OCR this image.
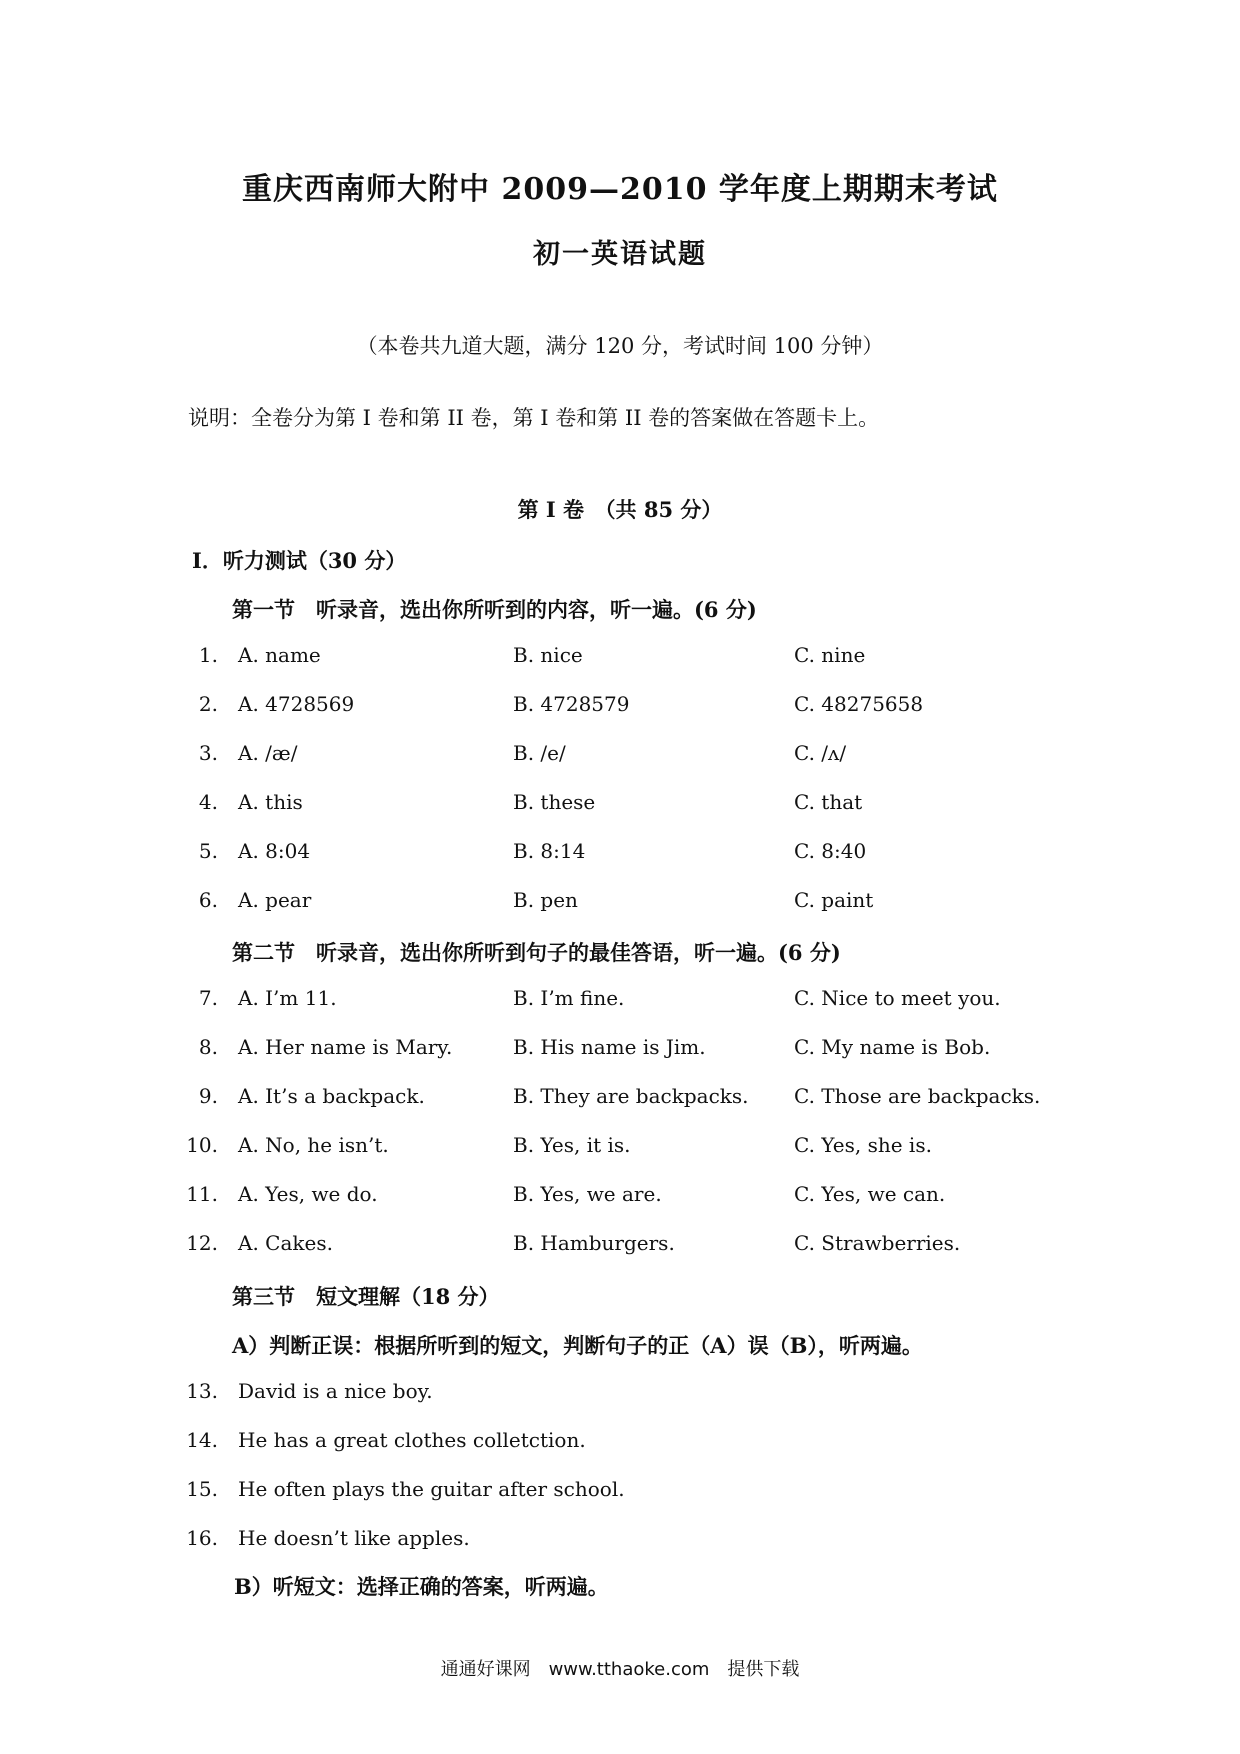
重庆西南师大附中 2009—2010 学年度上期期末考试
初一英语试题
（本卷共九道大题，满分 120 分，考试时间 100 分钟）
说明：全卷分为第 I 卷和第 II 卷，第 I 卷和第 II 卷的答案做在答题卡上。
第 I 卷　（共 85 分）
I．听力测试（30 分）
第一节　听录音，选出你所听到的内容，听一遍。(6 分)
1. A. name	B. nice	C. nine
2. A. 4728569	B. 4728579	C. 48275658
3. A. /æ/	B. /e/	C. /ʌ/
4. A. this	B. these	C. that
5. A. 8:04	B. 8:14	C. 8:40
6. A. pear	B. pen	C. paint
第二节　听录音，选出你所听到句子的最佳答语，听一遍。(6 分)
7. A. I’m 11.	B. I’m fine.	C. Nice to meet you.
8. A. Her name is Mary.	B. His name is Jim.	C. My name is Bob.
9. A. It’s a backpack.	B. They are backpacks. C. Those are backpacks.
10. A. No, he isn’t.	B. Yes, it is.	C. Yes, she is.
11. A. Yes, we do.	B. Yes, we are.	C. Yes, we can.
12. A. Cakes.	B. Hamburgers.	C. Strawberries.
第三节　短文理解（18 分）
A）判断正误：根据所听到的短文，判断句子的正（A）误（B），听两遍。
13. David is a nice boy.
14. He has a great clothes colletction.
15. He often plays the guitar after school.
16. He doesn’t like apples.
B）听短文：选择正确的答案，听两遍。
通通好课网　www.tthaoke.com　提供下载
